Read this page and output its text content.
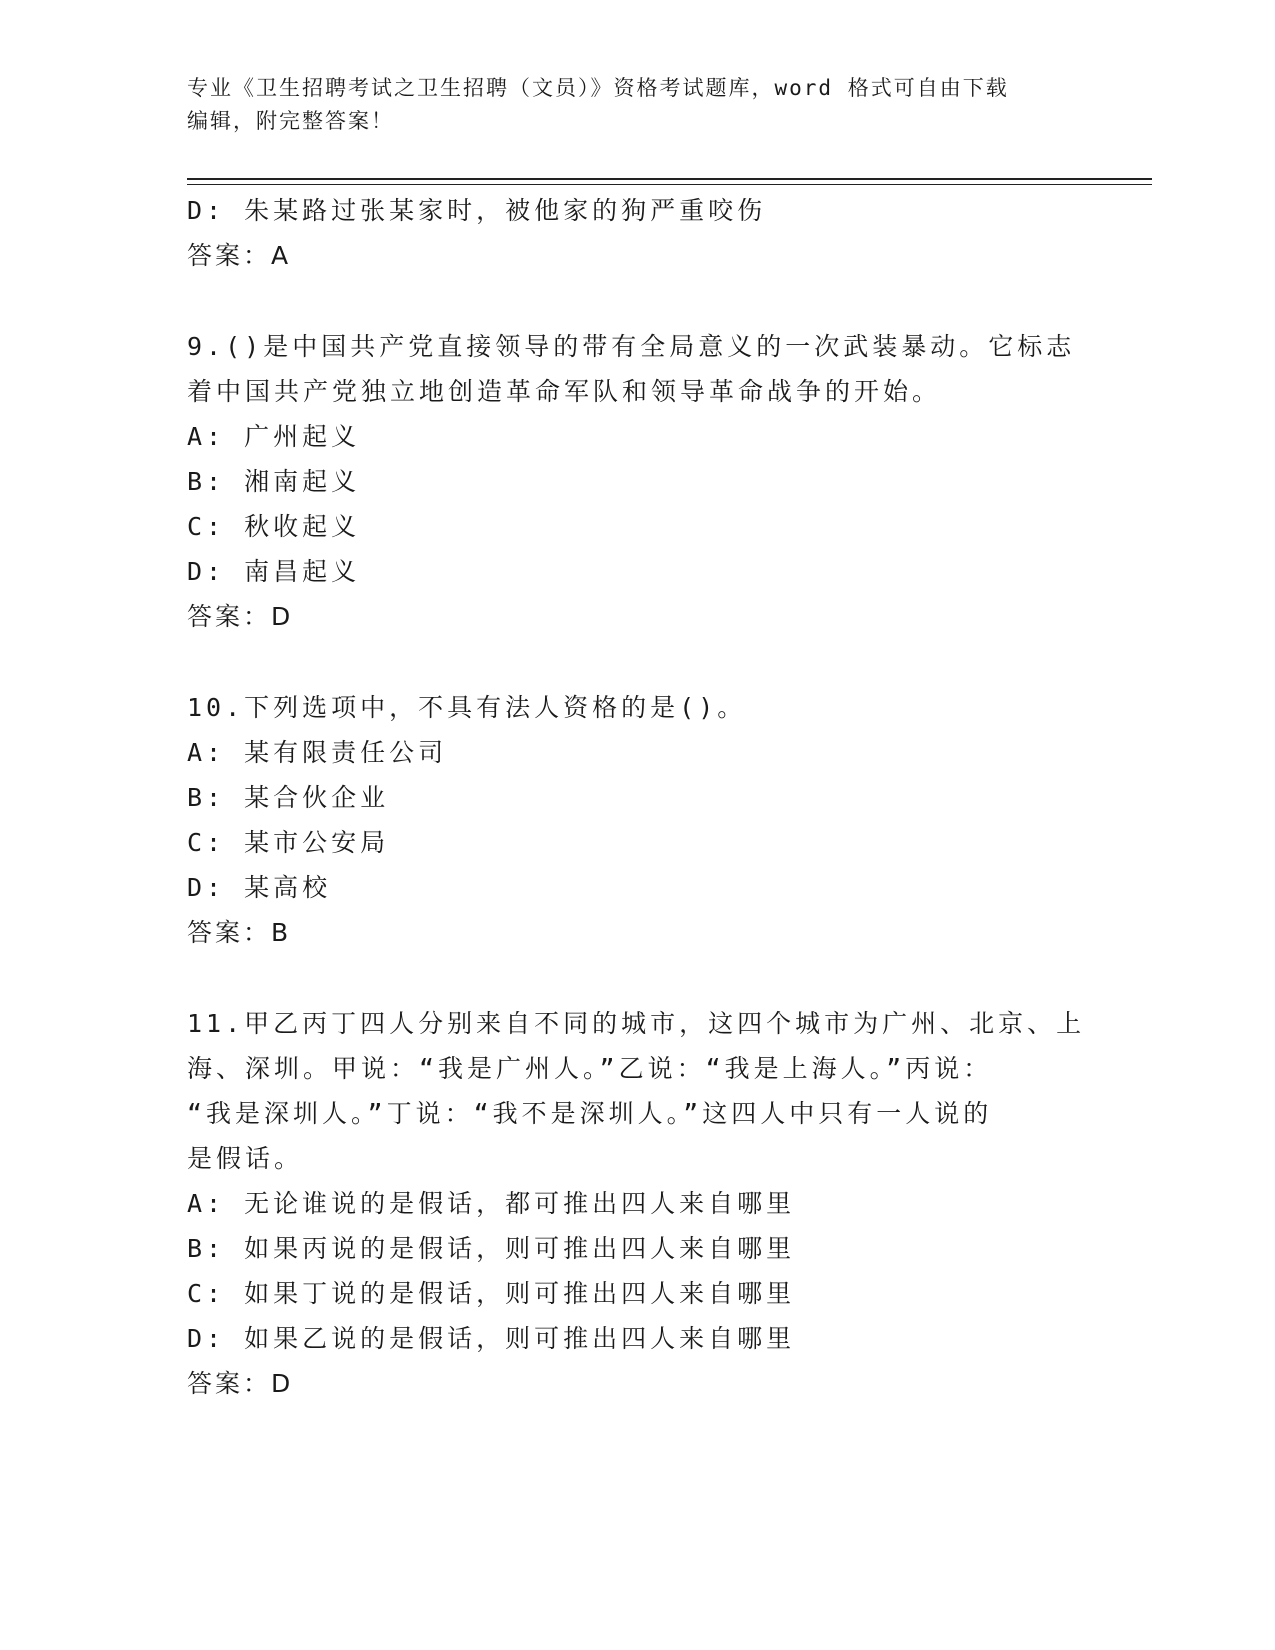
专业《卫生招聘考试之卫生招聘（文员）》资格考试题库，word 格式可自由下载
编辑，附完整答案！
D: 朱某路过张某家时，被他家的狗严重咬伤
答案：A
9.()是中国共产党直接领导的带有全局意义的一次武装暴动。它标志
着中国共产党独立地创造革命军队和领导革命战争的开始。
A: 广州起义
B: 湘南起义
C: 秋收起义
D: 南昌起义
答案：D
10.下列选项中，不具有法人资格的是()。
A: 某有限责任公司
B: 某合伙企业
C: 某市公安局
D: 某高校
答案：B
11.甲乙丙丁四人分别来自不同的城市，这四个城市为广州、北京、上
海、深圳。甲说：“我是广州人。”乙说：“我是上海人。”丙说：
“我是深圳人。”丁说：“我不是深圳人。”这四人中只有一人说的
是假话。
A: 无论谁说的是假话，都可推出四人来自哪里
B: 如果丙说的是假话，则可推出四人来自哪里
C: 如果丁说的是假话，则可推出四人来自哪里
D: 如果乙说的是假话，则可推出四人来自哪里
答案：D
